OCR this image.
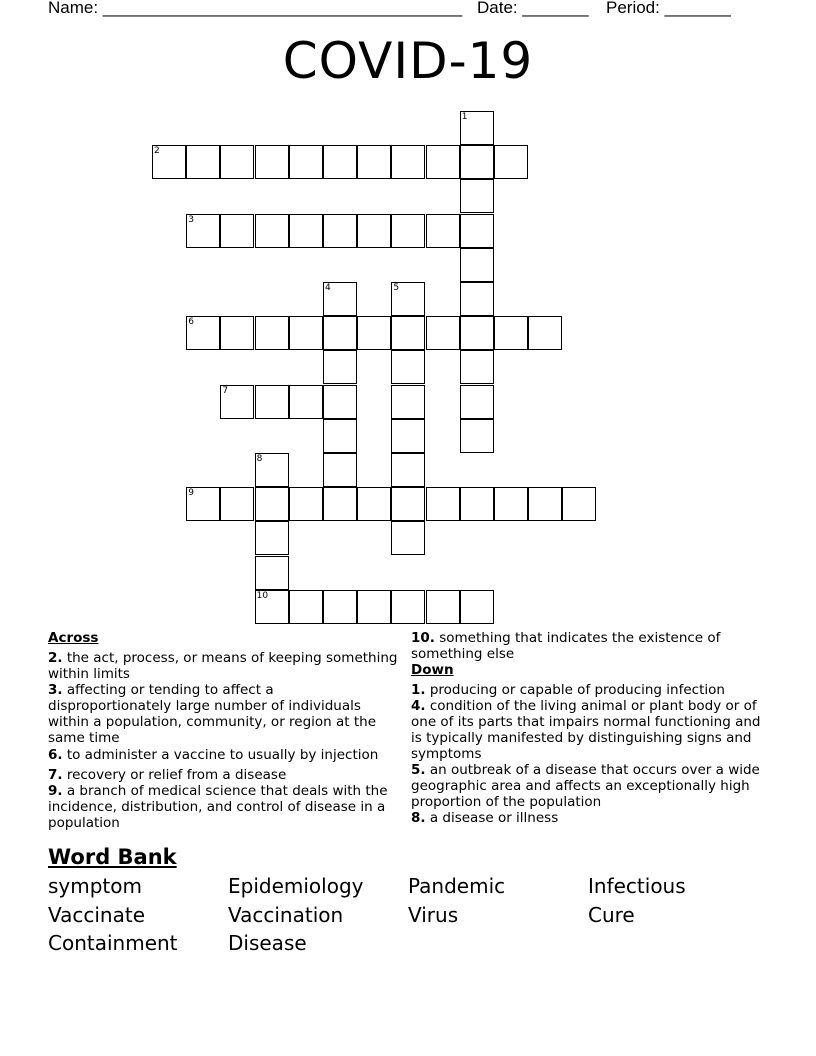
Name: ______________________________________ Date: _______ Period: _______
COVID-19
1
2
3
4	5
6
7
8
10
9
Across
2. the act, process, or means of keeping something within limits
3. affecting or tending to affect a disproportionately large number of individuals within a population, community, or region at the same time
6. to administer a vaccine to usually by injection
7. recovery or relief from a disease
9. a branch of medical science that deals with the incidence, distribution, and control of disease in a population
10. something that indicates the existence of something else
Down
1. producing or capable of producing infection
4. condition of the living animal or plant body or of one of its parts that impairs normal functioning and is typically manifested by distinguishing signs and symptoms
5. an outbreak of a disease that occurs over a wide geographic area and affects an exceptionally high proportion of the population
8. a disease or illness
Word Bank
symptom	Epidemiology Pandemic	Infectious
Vaccinate	Vaccination	Virus	Cure
Containment	Disease
